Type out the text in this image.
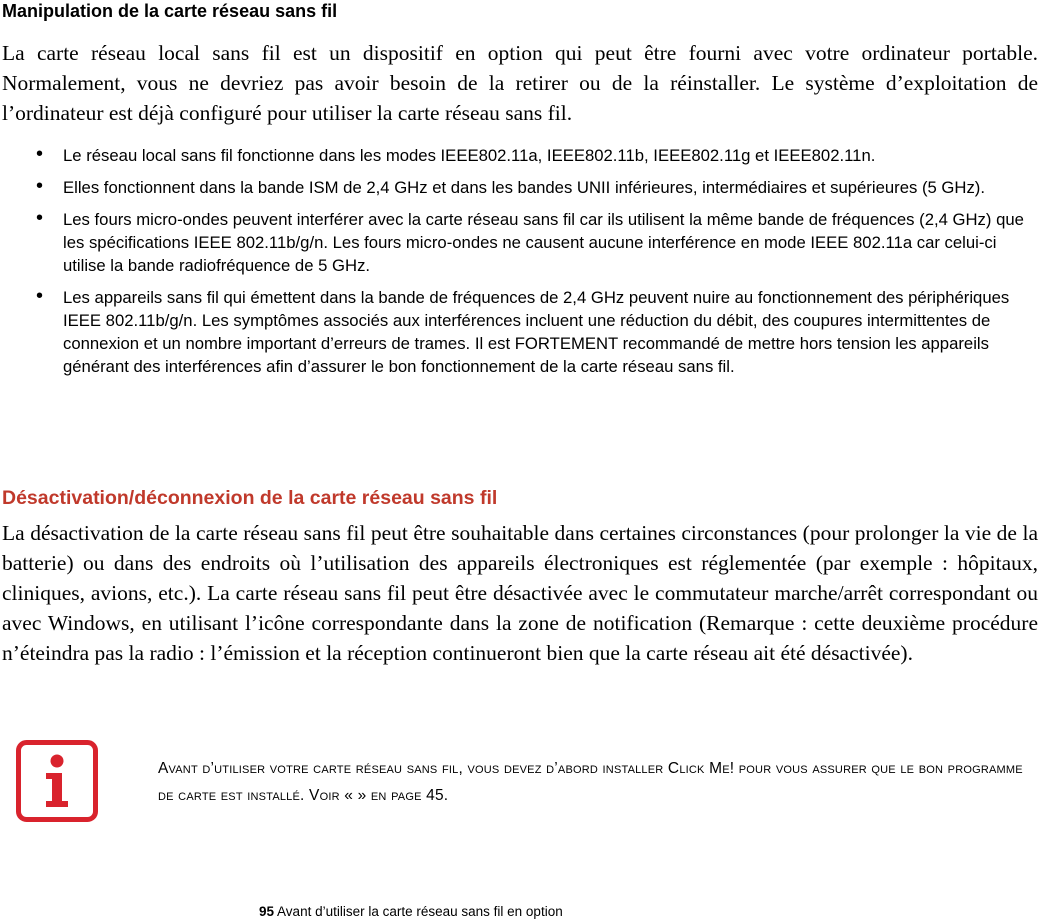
Manipulation de la carte réseau sans fil

La carte réseau local sans fil est un dispositif en option qui peut être fourni avec votre ordinateur portable. Normalement, vous ne devriez pas avoir besoin de la retirer ou de la réinstaller. Le système d’exploitation de l’ordinateur est déjà configuré pour utiliser la carte réseau sans fil.

• Le réseau local sans fil fonctionne dans les modes IEEE802.11a, IEEE802.11b, IEEE802.11g et IEEE802.11n.
• Elles fonctionnent dans la bande ISM de 2,4 GHz et dans les bandes UNII inférieures, intermédiaires et supérieures (5 GHz).
• Les fours micro-ondes peuvent interférer avec la carte réseau sans fil car ils utilisent la même bande de fréquences (2,4 GHz) que les spécifications IEEE 802.11b/g/n. Les fours micro-ondes ne causent aucune interférence en mode IEEE 802.11a car celui-ci utilise la bande radiofréquence de 5 GHz.
• Les appareils sans fil qui émettent dans la bande de fréquences de 2,4 GHz peuvent nuire au fonctionnement des périphériques IEEE 802.11b/g/n. Les symptômes associés aux interférences incluent une réduction du débit, des coupures intermittentes de connexion et un nombre important d’erreurs de trames. Il est FORTEMENT recommandé de mettre hors tension les appareils générant des interférences afin d’assurer le bon fonctionnement de la carte réseau sans fil.
Désactivation/déconnexion de la carte réseau sans fil

La désactivation de la carte réseau sans fil peut être souhaitable dans certaines circonstances (pour prolonger la vie de la batterie) ou dans des endroits où l’utilisation des appareils électroniques est réglementée (par exemple : hôpitaux, cliniques, avions, etc.). La carte réseau sans fil peut être désactivée avec le commutateur marche/arrêt correspondant ou avec Windows, en utilisant l’icône correspondante dans la zone de notification (Remarque : cette deuxième procédure n’éteindra pas la radio : l’émission et la réception continueront bien que la carte réseau ait été désactivée).

Avant d’utiliser votre carte réseau sans fil, vous devez d’abord installer Click Me! pour vous assurer que le bon programme de carte est installé. Voir « » en page 45.

95 Avant d’utiliser la carte réseau sans fil en option
